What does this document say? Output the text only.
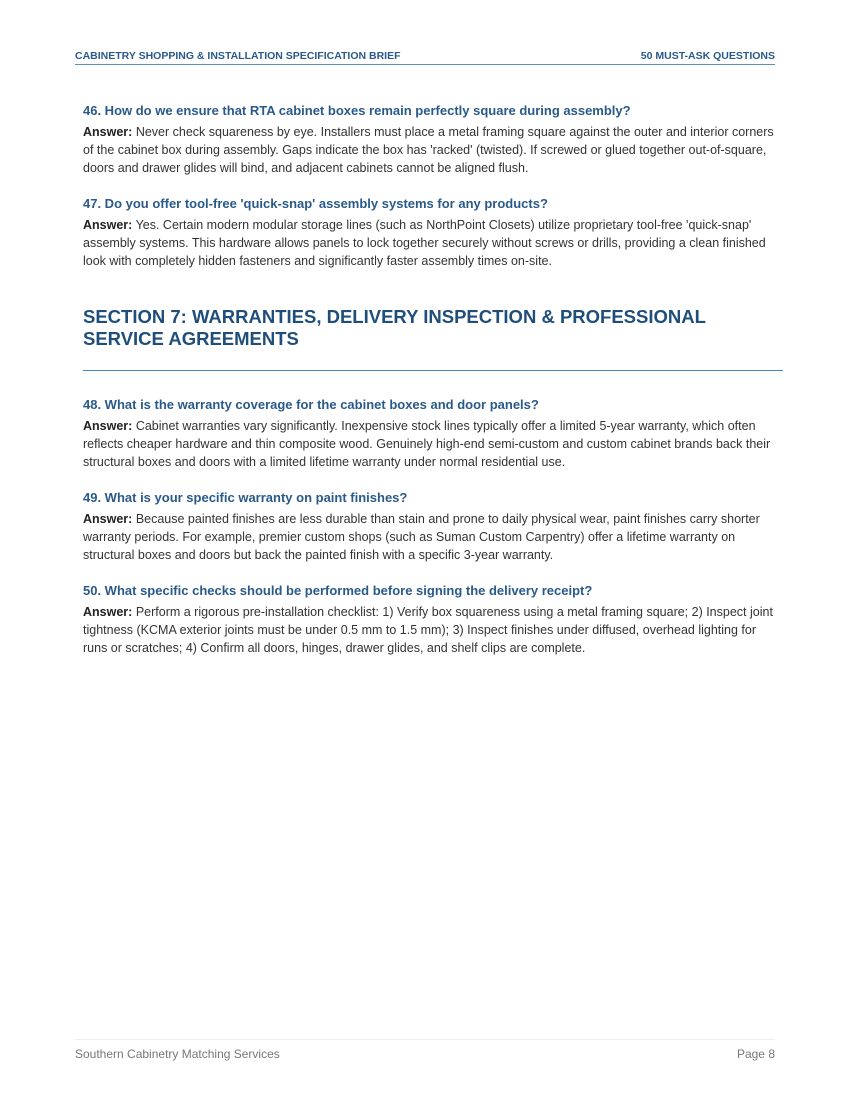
CABINETRY SHOPPING & INSTALLATION SPECIFICATION BRIEF	50 MUST-ASK QUESTIONS
46. How do we ensure that RTA cabinet boxes remain perfectly square during assembly?
Answer: Never check squareness by eye. Installers must place a metal framing square against the outer and interior corners of the cabinet box during assembly. Gaps indicate the box has 'racked' (twisted). If screwed or glued together out-of-square, doors and drawer glides will bind, and adjacent cabinets cannot be aligned flush.
47. Do you offer tool-free 'quick-snap' assembly systems for any products?
Answer: Yes. Certain modern modular storage lines (such as NorthPoint Closets) utilize proprietary tool-free 'quick-snap' assembly systems. This hardware allows panels to lock together securely without screws or drills, providing a clean finished look with completely hidden fasteners and significantly faster assembly times on-site.
SECTION 7: WARRANTIES, DELIVERY INSPECTION & PROFESSIONAL SERVICE AGREEMENTS
48. What is the warranty coverage for the cabinet boxes and door panels?
Answer: Cabinet warranties vary significantly. Inexpensive stock lines typically offer a limited 5-year warranty, which often reflects cheaper hardware and thin composite wood. Genuinely high-end semi-custom and custom cabinet brands back their structural boxes and doors with a limited lifetime warranty under normal residential use.
49. What is your specific warranty on paint finishes?
Answer: Because painted finishes are less durable than stain and prone to daily physical wear, paint finishes carry shorter warranty periods. For example, premier custom shops (such as Suman Custom Carpentry) offer a lifetime warranty on structural boxes and doors but back the painted finish with a specific 3-year warranty.
50. What specific checks should be performed before signing the delivery receipt?
Answer: Perform a rigorous pre-installation checklist: 1) Verify box squareness using a metal framing square; 2) Inspect joint tightness (KCMA exterior joints must be under 0.5 mm to 1.5 mm); 3) Inspect finishes under diffused, overhead lighting for runs or scratches; 4) Confirm all doors, hinges, drawer glides, and shelf clips are complete.
Southern Cabinetry Matching Services	Page 8
